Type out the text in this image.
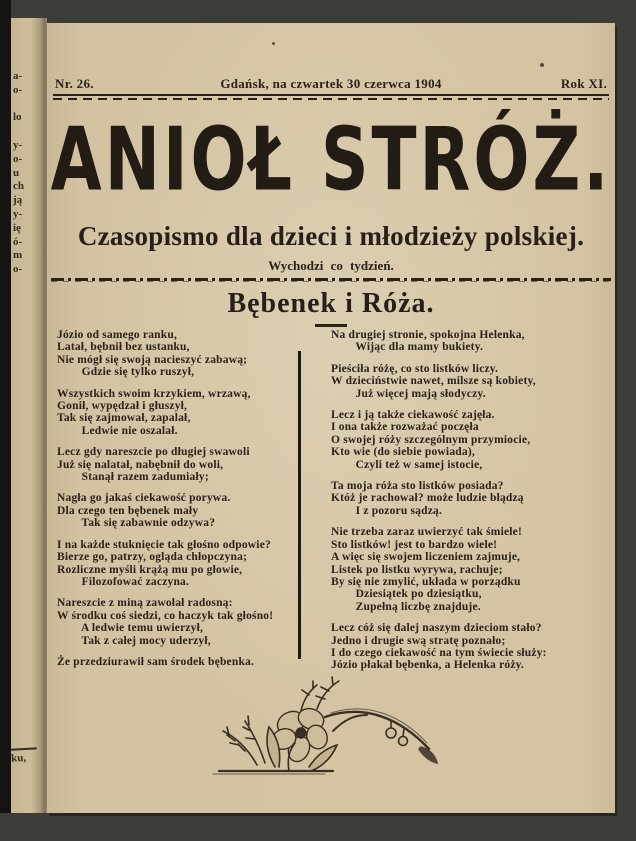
a-
o-
lo
y-
o-
u
ch
ją
y-
ię
ó-
m
o-
ku,
Nr. 26.	Gdańsk, na czwartek 30 czerwca 1904	Rok XI.
ANIOŁ STRÓŻ.
Czasopismo dla dzieci i młodzieży polskiej.
Wychodzi co tydzień.
Bębenek i Róża.
Józio od samego ranku,
Latał, bębnił bez ustanku,
Nie mógł się swoją nacieszyć zabawą;
Gdzie się tylko ruszył,
Wszystkich swoim krzykiem, wrzawą,
Gonił, wypędzał i głuszył,
Tak się zajmował, zapalał,
Ledwie nie oszalał.
Lecz gdy nareszcie po długiej swawoli
Już się nalatał, nabębnił do woli,
Stanął razem zadumiały;
Nagła go jakaś ciekawość porywa.
Dla czego ten bębenek mały
Tak się zabawnie odzywa?
I na każde stuknięcie tak głośno odpowie?
Bierze go, patrzy, ogląda chłopczyna;
Rozliczne myśli krążą mu po głowie,
Filozofować zaczyna.
Nareszcie z miną zawołał radosną:
W środku coś siedzi, co haczyk tak głośno!
A ledwie temu uwierzył,
Tak z całej mocy uderzył,
Że przedziurawił sam środek bębenka.
Na drugiej stronie, spokojna Helenka,
Wijąc dla mamy bukiety.
Pieściła różę, co sto listków liczy.
W dzieciństwie nawet, milsze są kobiety,
Już więcej mają słodyczy.
Lecz i ją także ciekawość zajęła.
I ona także rozważać poczęła
O swojej róży szczególnym przymiocie,
Kto wie (do siebie powiada),
Czyli też w samej istocie,
Ta moja róża sto listków posiada?
Któż je rachował? może ludzie błądzą
I z pozoru sądzą.
Nie trzeba zaraz uwierzyć tak śmiele!
Sto listków! jest to bardzo wiele!
A więc się swojem liczeniem zajmuje,
Listek po listku wyrywa, rachuje;
By się nie zmylić, układa w porządku
Dziesiątek po dziesiątku,
Zupełną liczbę znajduje.
Lecz cóż się dalej naszym dzieciom stało?
Jedno i drugie swą stratę poznało;
I do czego ciekawość na tym świecie służy:
Józio płakał bębenka, a Helenka róży.
